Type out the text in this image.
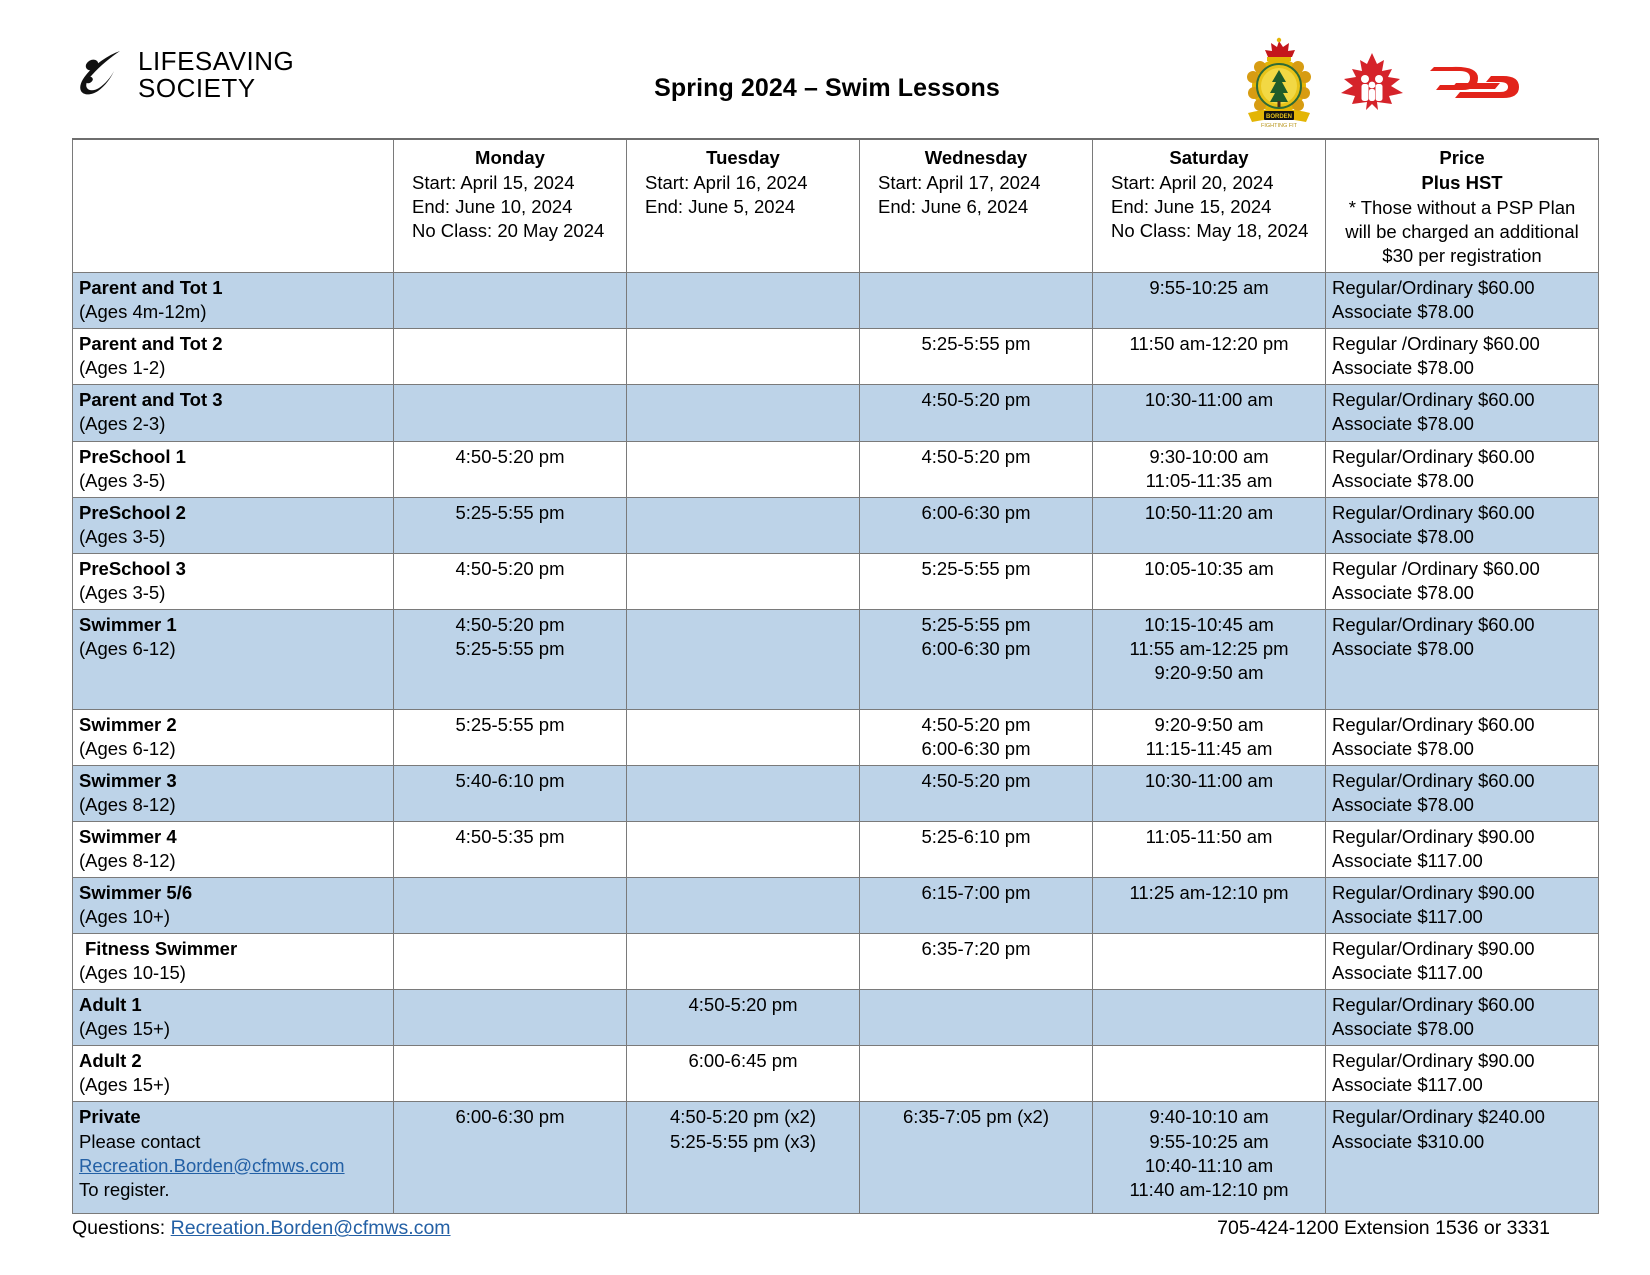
LIFESAVING
SOCIETY	Spring 2024 – Swim Lessons
BORDEN
FIGHTING FIT

	Monday
Start: April 15, 2024
End: June 10, 2024
No Class: 20 May 2024	Tuesday
Start: April 16, 2024
End: June 5, 2024	Wednesday
Start: April 17, 2024
End: June 6, 2024	Saturday
Start: April 20, 2024
End: June 15, 2024
No Class: May 18, 2024	Price
Plus HST
* Those without a PSP Plan
will be charged an additional
$30 per registration

Parent and Tot 1
(Ages 4m-12m)				9:55-10:25 am	Regular/Ordinary $60.00
Associate $78.00

Parent and Tot 2
(Ages 1-2)			5:25-5:55 pm	11:50 am-12:20 pm	Regular /Ordinary $60.00
Associate $78.00

Parent and Tot 3
(Ages 2-3)			4:50-5:20 pm	10:30-11:00 am	Regular/Ordinary $60.00
Associate $78.00

PreSchool 1
(Ages 3-5)	4:50-5:20 pm		4:50-5:20 pm	9:30-10:00 am
11:05-11:35 am	Regular/Ordinary $60.00
Associate $78.00

PreSchool 2
(Ages 3-5)	5:25-5:55 pm		6:00-6:30 pm	10:50-11:20 am	Regular/Ordinary $60.00
Associate $78.00

PreSchool 3
(Ages 3-5)	4:50-5:20 pm		5:25-5:55 pm	10:05-10:35 am	Regular /Ordinary $60.00
Associate $78.00

Swimmer 1
(Ages 6-12)	4:50-5:20 pm
5:25-5:55 pm		5:25-5:55 pm
6:00-6:30 pm	10:15-10:45 am
11:55 am-12:25 pm
9:20-9:50 am	Regular/Ordinary $60.00
Associate $78.00

Swimmer 2
(Ages 6-12)	5:25-5:55 pm		4:50-5:20 pm
6:00-6:30 pm	9:20-9:50 am
11:15-11:45 am	Regular/Ordinary $60.00
Associate $78.00

Swimmer 3
(Ages 8-12)	5:40-6:10 pm		4:50-5:20 pm	10:30-11:00 am	Regular/Ordinary $60.00
Associate $78.00

Swimmer 4
(Ages 8-12)	4:50-5:35 pm		5:25-6:10 pm	11:05-11:50 am	Regular/Ordinary $90.00
Associate $117.00

Swimmer 5/6
(Ages 10+)			6:15-7:00 pm	11:25 am-12:10 pm	Regular/Ordinary $90.00
Associate $117.00

Fitness Swimmer
(Ages 10-15)			6:35-7:20 pm		Regular/Ordinary $90.00
Associate $117.00

Adult 1
(Ages 15+)		4:50-5:20 pm			Regular/Ordinary $60.00
Associate $78.00

Adult 2
(Ages 15+)		6:00-6:45 pm			Regular/Ordinary $90.00
Associate $117.00

Private
Please contact
Recreation.Borden@cfmws.com
To register.	6:00-6:30 pm	4:50-5:20 pm (x2)
5:25-5:55 pm (x3)	6:35-7:05 pm (x2)	9:40-10:10 am
9:55-10:25 am
10:40-11:10 am
11:40 am-12:10 pm	Regular/Ordinary $240.00
Associate $310.00
Questions: Recreation.Borden@cfmws.com	705-424-1200 Extension 1536 or 3331
